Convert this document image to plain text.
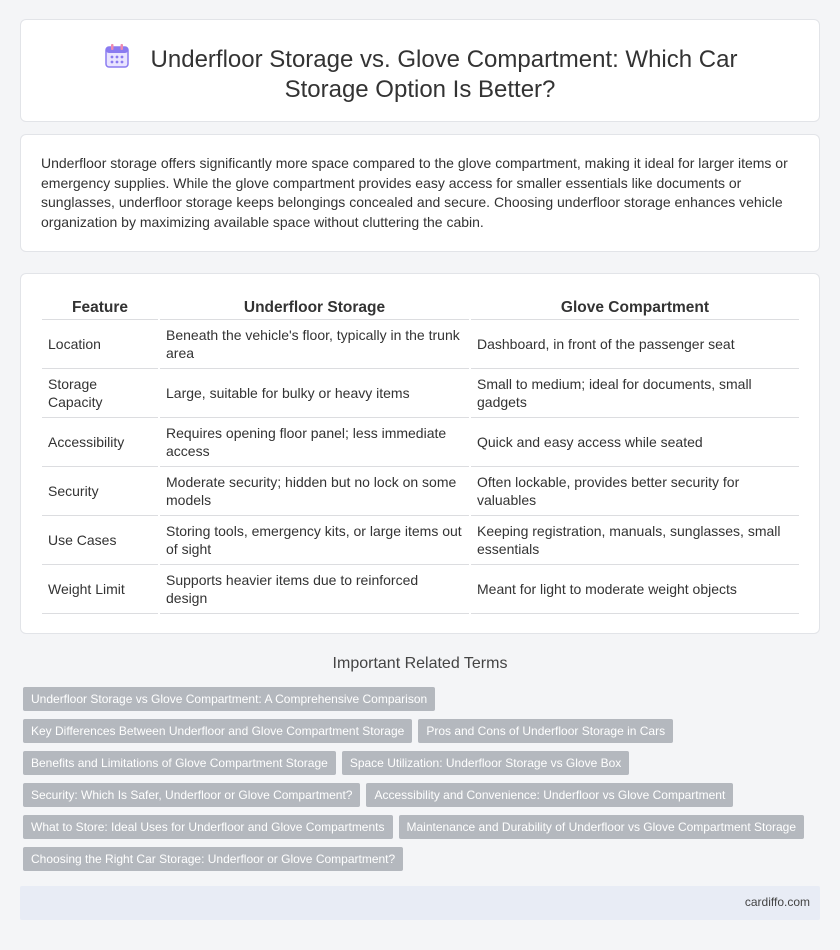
Underfloor Storage vs. Glove Compartment: Which Car Storage Option Is Better?

Underfloor storage offers significantly more space compared to the glove compartment, making it ideal for larger items or emergency supplies. While the glove compartment provides easy access for smaller essentials like documents or sunglasses, underfloor storage keeps belongings concealed and secure. Choosing underfloor storage enhances vehicle organization by maximizing available space without cluttering the cabin.

Feature		Underfloor Storage		Glove Compartment
Location		Beneath the vehicle's floor, typically in the trunk area		Dashboard, in front of the passenger seat
Storage Capacity		Large, suitable for bulky or heavy items		Small to medium; ideal for documents, small gadgets
Accessibility		Requires opening floor panel; less immediate access		Quick and easy access while seated
Security		Moderate security; hidden but no lock on some models		Often lockable, provides better security for valuables
Use Cases		Storing tools, emergency kits, or large items out of sight		Keeping registration, manuals, sunglasses, small essentials
Weight Limit		Supports heavier items due to reinforced design		Meant for light to moderate weight objects
Important Related Terms
Underfloor Storage vs Glove Compartment: A Comprehensive Comparison
Key Differences Between Underfloor and Glove Compartment Storage Pros and Cons of Underfloor Storage in Cars
Benefits and Limitations of Glove Compartment Storage Space Utilization: Underfloor Storage vs Glove Box
Security: Which Is Safer, Underfloor or Glove Compartment? Accessibility and Convenience: Underfloor vs Glove Compartment
What to Store: Ideal Uses for Underfloor and Glove Compartments Maintenance and Durability of Underfloor vs Glove Compartment Storage
Choosing the Right Car Storage: Underfloor or Glove Compartment?
cardiffo.com
